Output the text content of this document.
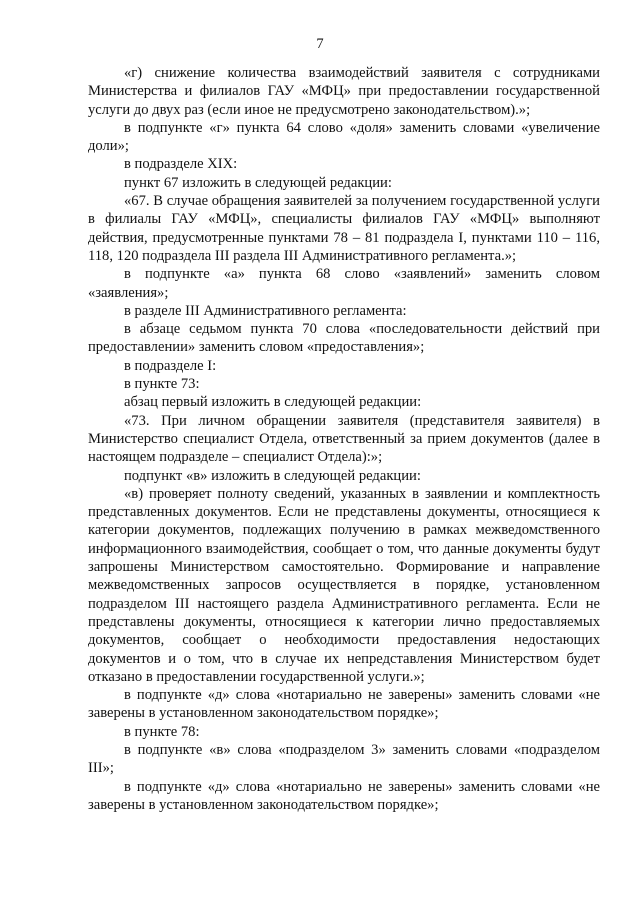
7

«г) снижение количества взаимодействий заявителя с сотрудниками Министерства и филиалов ГАУ «МФЦ» при предоставлении государственной услуги до двух раз (если иное не предусмотрено законодательством).»;

в подпункте «г» пункта 64 слово «доля» заменить словами «увеличение доли»;

в подразделе XIX:

пункт 67 изложить в следующей редакции:

«67. В случае обращения заявителей за получением государственной услуги в филиалы ГАУ «МФЦ», специалисты филиалов ГАУ «МФЦ» выполняют действия, предусмотренные пунктами 78 – 81 подраздела I, пунктами 110 – 116, 118, 120 подраздела III раздела III Административного регламента.»;

в подпункте «а» пункта 68 слово «заявлений» заменить словом «заявления»;

в разделе III Административного регламента:

в абзаце седьмом пункта 70 слова «последовательности действий при предоставлении» заменить словом «предоставления»;

в подразделе I:

в пункте 73:

абзац первый изложить в следующей редакции:

«73. При личном обращении заявителя (представителя заявителя) в Министерство специалист Отдела, ответственный за прием документов (далее в настоящем подразделе – специалист Отдела):»;

подпункт «в» изложить в следующей редакции:

«в) проверяет полноту сведений, указанных в заявлении и комплектность представленных документов. Если не представлены документы, относящиеся к категории документов, подлежащих получению в рамках межведомственного информационного взаимодействия, сообщает о том, что данные документы будут запрошены Министерством самостоятельно. Формирование и направление межведомственных запросов осуществляется в порядке, установленном подразделом III настоящего раздела Административного регламента. Если не представлены документы, относящиеся к категории лично предоставляемых документов, сообщает о необходимости предоставления недостающих документов и о том, что в случае их непредставления Министерством будет отказано в предоставлении государственной услуги.»;

в подпункте «д» слова «нотариально не заверены» заменить словами «не заверены в установленном законодательством порядке»;

в пункте 78:

в подпункте «в» слова «подразделом 3» заменить словами «подразделом III»;

в подпункте «д» слова «нотариально не заверены» заменить словами «не заверены в установленном законодательством порядке»;
